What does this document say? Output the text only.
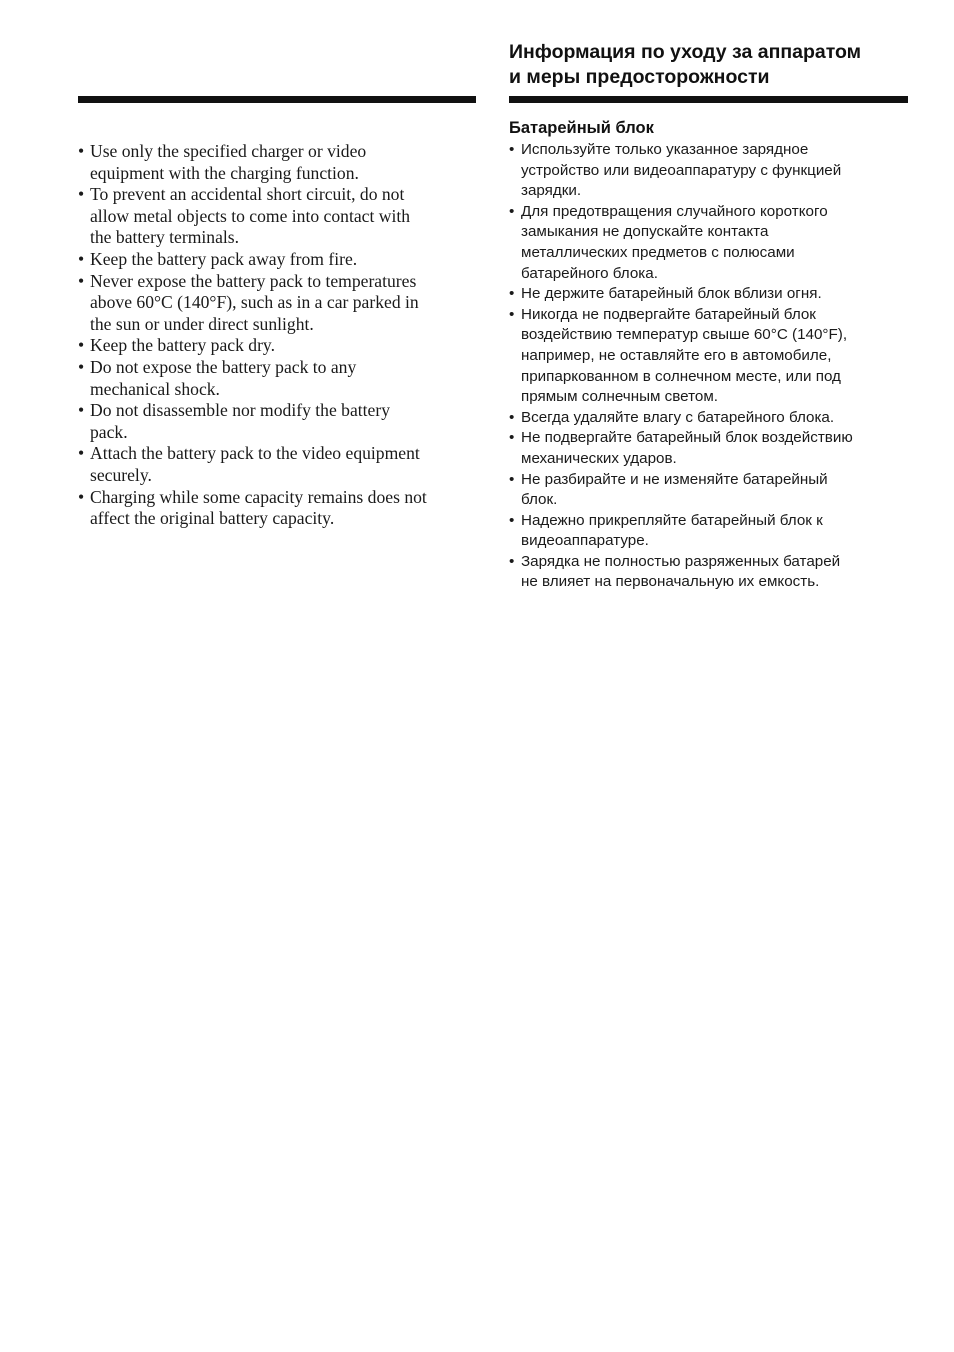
Информация по уходу за аппаратом
и меры предосторожности
Батарейный блок
• Use only the specified charger or video
equipment with the charging function.
• To prevent an accidental short circuit, do not
allow metal objects to come into contact with
the battery terminals.
• Keep the battery pack away from fire.
• Never expose the battery pack to temperatures
above 60°C (140°F), such as in a car parked in
the sun or under direct sunlight.
• Keep the battery pack dry.
• Do not expose the battery pack to any
mechanical shock.
• Do not disassemble nor modify the battery
pack.
• Attach the battery pack to the video equipment
securely.
• Charging while some capacity remains does not
affect the original battery capacity.
• Используйте только указанное зарядное
устройство или видеоаппаратуру с функцией
зарядки.
• Для предотвращения случайного короткого
замыкания не допускайте контакта
металлических предметов с полюсами
батарейного блока.
• Не держите батарейный блок вблизи огня.
• Никогда не подвергайте батарейный блок
воздействию температур свыше 60°С (140°F),
например, не оставляйте его в автомобиле,
припаркованном в солнечном месте, или под
прямым солнечным светом.
• Всегда удаляйте влагу с батарейного блока.
• Не подвергайте батарейный блок воздействию
механических ударов.
• Не разбирайте и не изменяйте батарейный
блок.
• Надежно прикрепляйте батарейный блок к
видеоаппаратуре.
• Зарядка не полностью разряженных батарей
не влияет на первоначальную их емкость.
